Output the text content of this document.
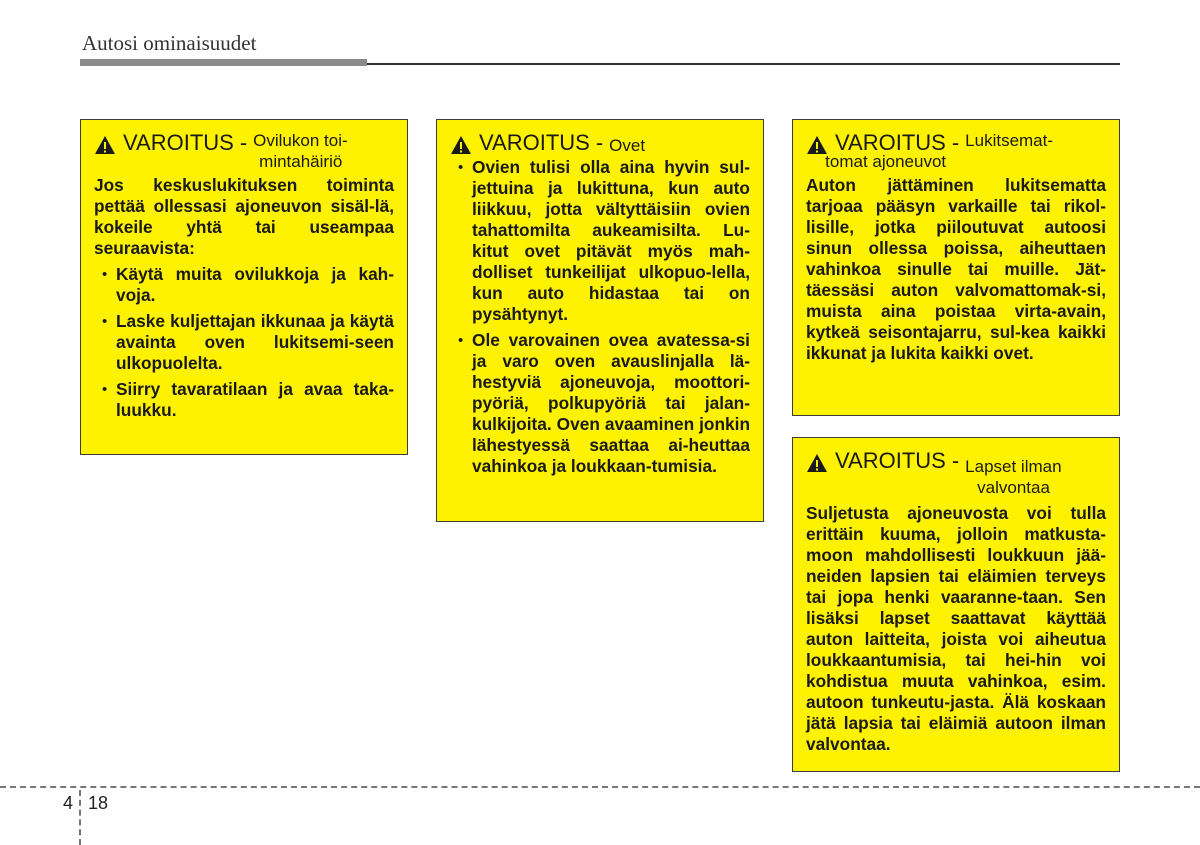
Autosi ominaisuudet
VAROITUS - Ovilukon toi-
mintahäiriö

Jos keskuslukituksen toiminta pettää ollessasi ajoneuvon sisäl-lä, kokeile yhtä tai useampaa seuraavista:

• Käytä muita ovilukkoja ja kah-voja.
• Laske kuljettajan ikkunaa ja käytä avainta oven lukitsemi-seen ulkopuolelta.
• Siirry tavaratilaan ja avaa taka-luukku.
VAROITUS - Ovet
• Ovien tulisi olla aina hyvin sul-jettuina ja lukittuna, kun auto liikkuu, jotta vältyttäisiin ovien tahattomilta aukeamisilta. Lu-kitut ovet pitävät myös mah-dolliset tunkeilijat ulkopuo-lella, kun auto hidastaa tai on pysähtynyt.
• Ole varovainen ovea avatessa-si ja varo oven avauslinjalla lä-hestyviä ajoneuvoja, moottori-pyöriä, polkupyöriä tai jalan-kulkijoita. Oven avaaminen jonkin lähestyessä saattaa ai-heuttaa vahinkoa ja loukkaan-tumisia.
VAROITUS - Lukitsemat-
tomat ajoneuvot

Auton jättäminen lukitsematta tarjoaa pääsyn varkaille tai rikol-lisille, jotka piiloutuvat autoosi sinun ollessa poissa, aiheuttaen vahinkoa sinulle tai muille. Jät-täessäsi auton valvomattomak-si, muista aina poistaa virta-avain, kytkeä seisontajarru, sul-kea kaikki ikkunat ja lukita kaikki ovet.

VAROITUS - Lapset ilman
valvontaa

Suljetusta ajoneuvosta voi tulla erittäin kuuma, jolloin matkusta-moon mahdollisesti loukkuun jää-neiden lapsien tai eläimien terveys tai jopa henki vaaranne-taan. Sen lisäksi lapset saattavat käyttää auton laitteita, joista voi aiheutua loukkaantumisia, tai hei-hin voi kohdistua muuta vahinkoa, esim. autoon tunkeutu-jasta. Älä koskaan jätä lapsia tai eläimiä autoon ilman valvontaa.

4 18
